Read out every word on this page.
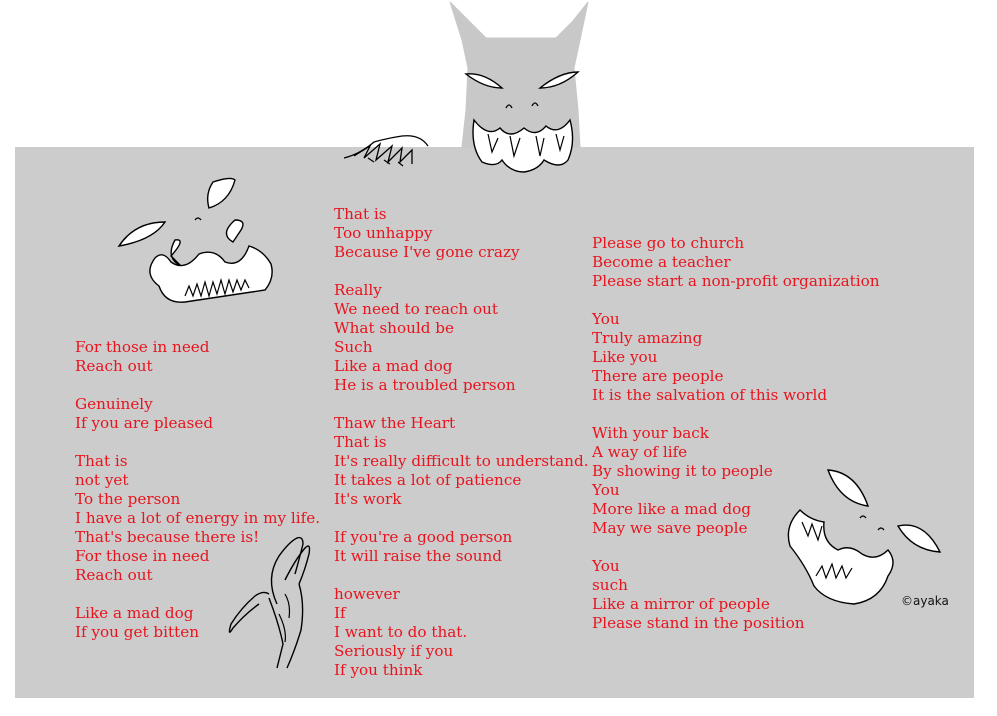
For those in need
Reach out
Genuinely
If you are pleased
That is
not yet
To the person
I have a lot of energy in my life.
That's because there is!
For those in need
Reach out
Like a mad dog
If you get bitten
That is
Too unhappy
Because I've gone crazy
Really
We need to reach out
What should be
Such
Like a mad dog
He is a troubled person
Thaw the Heart
That is
It's really difficult to understand.
It takes a lot of patience
It's work
If you're a good person
It will raise the sound
however
If
I want to do that.
Seriously if you
If you think
Please go to church
Become a teacher
Please start a non-profit organization
You
Truly amazing
Like you
There are people
It is the salvation of this world
With your back
A way of life
By showing it to people
You
More like a mad dog
May we save people
You
such
Like a mirror of people
Please stand in the position
©ayaka
